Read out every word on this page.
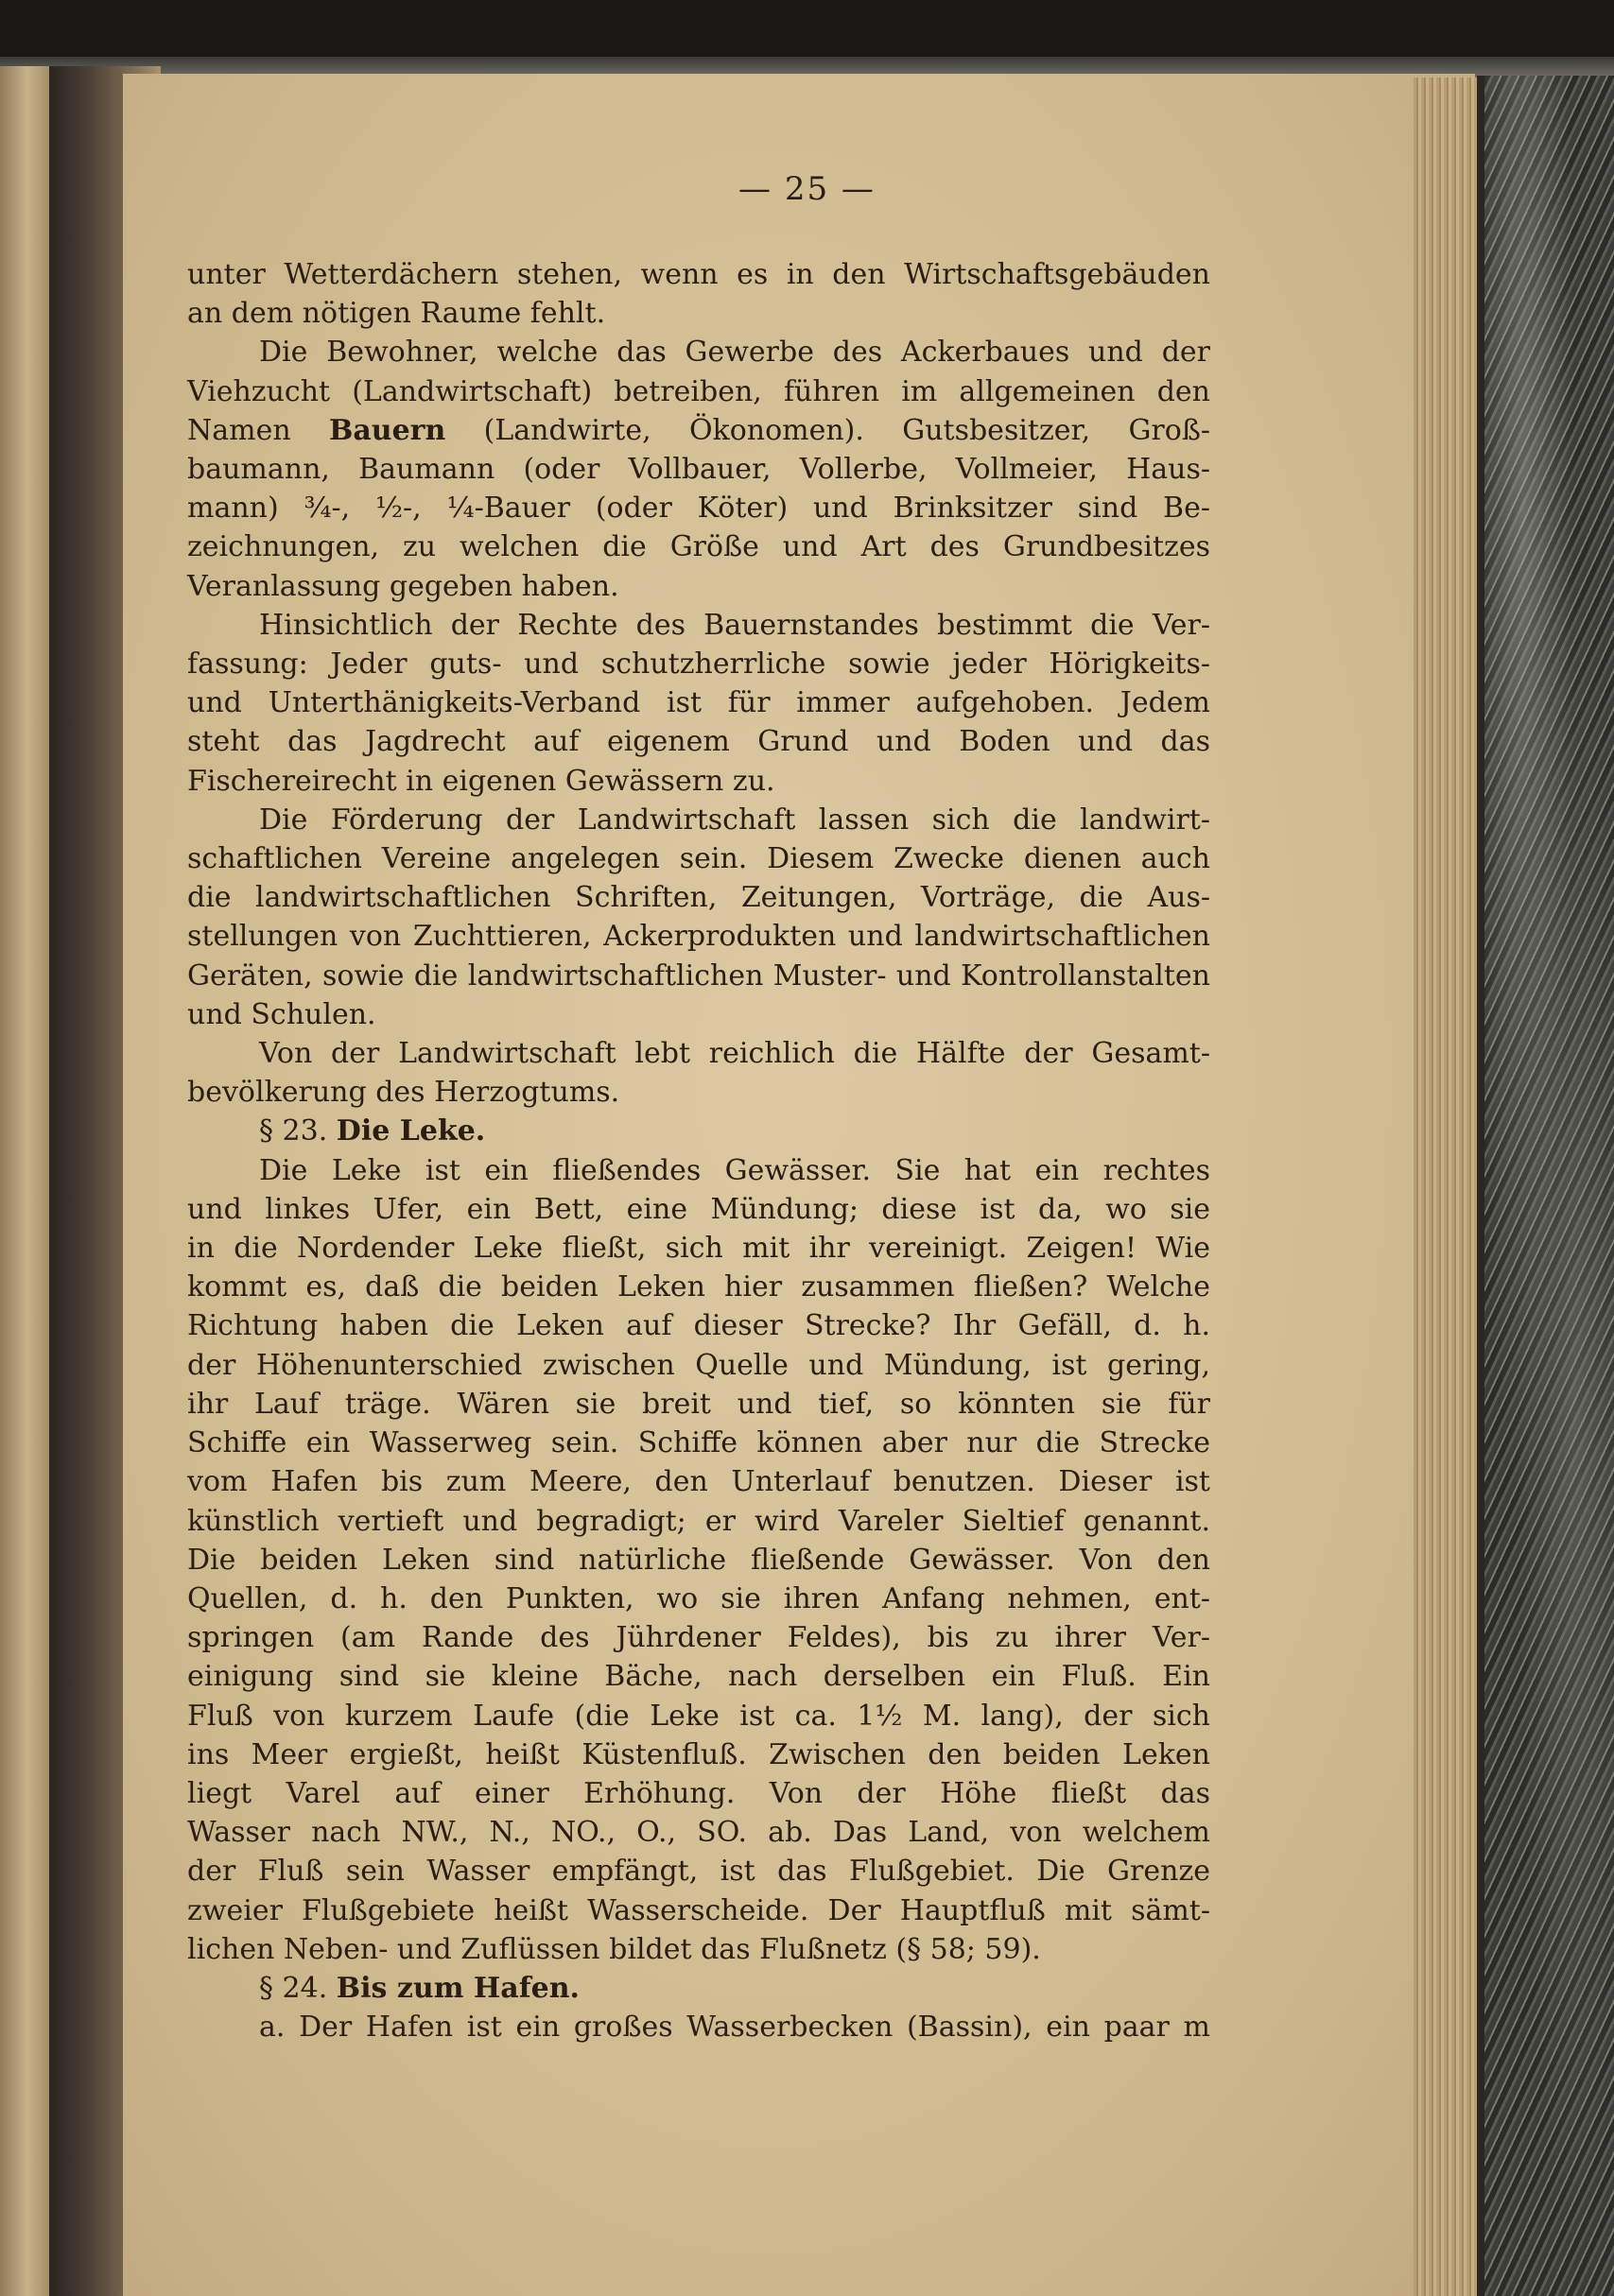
— 25 —
unter Wetterdächern stehen, wenn es in den Wirtschaftsgebäuden
an dem nötigen Raume fehlt.
Die Bewohner, welche das Gewerbe des Ackerbaues und der
Viehzucht (Landwirtschaft) betreiben, führen im allgemeinen den
Namen Bauern (Landwirte, Ökonomen). Gutsbesitzer, Groß-
baumann, Baumann (oder Vollbauer, Vollerbe, Vollmeier, Haus-
mann) ¾-, ½-, ¼-Bauer (oder Köter) und Brinksitzer sind Be-
zeichnungen, zu welchen die Größe und Art des Grundbesitzes
Veranlassung gegeben haben.
Hinsichtlich der Rechte des Bauernstandes bestimmt die Ver-
fassung: Jeder guts- und schutzherrliche sowie jeder Hörigkeits-
und Unterthänigkeits-Verband ist für immer aufgehoben. Jedem
steht das Jagdrecht auf eigenem Grund und Boden und das
Fischereirecht in eigenen Gewässern zu.
Die Förderung der Landwirtschaft lassen sich die landwirt-
schaftlichen Vereine angelegen sein. Diesem Zwecke dienen auch
die landwirtschaftlichen Schriften, Zeitungen, Vorträge, die Aus-
stellungen von Zuchttieren, Ackerprodukten und landwirtschaftlichen
Geräten, sowie die landwirtschaftlichen Muster- und Kontrollanstalten
und Schulen.
Von der Landwirtschaft lebt reichlich die Hälfte der Gesamt-
bevölkerung des Herzogtums.
§ 23. Die Leke.
Die Leke ist ein fließendes Gewässer. Sie hat ein rechtes
und linkes Ufer, ein Bett, eine Mündung; diese ist da, wo sie
in die Nordender Leke fließt, sich mit ihr vereinigt. Zeigen! Wie
kommt es, daß die beiden Leken hier zusammen fließen? Welche
Richtung haben die Leken auf dieser Strecke? Ihr Gefäll, d. h.
der Höhenunterschied zwischen Quelle und Mündung, ist gering,
ihr Lauf träge. Wären sie breit und tief, so könnten sie für
Schiffe ein Wasserweg sein. Schiffe können aber nur die Strecke
vom Hafen bis zum Meere, den Unterlauf benutzen. Dieser ist
künstlich vertieft und begradigt; er wird Vareler Sieltief genannt.
Die beiden Leken sind natürliche fließende Gewässer. Von den
Quellen, d. h. den Punkten, wo sie ihren Anfang nehmen, ent-
springen (am Rande des Jührdener Feldes), bis zu ihrer Ver-
einigung sind sie kleine Bäche, nach derselben ein Fluß. Ein
Fluß von kurzem Laufe (die Leke ist ca. 1½ M. lang), der sich
ins Meer ergießt, heißt Küstenfluß. Zwischen den beiden Leken
liegt Varel auf einer Erhöhung. Von der Höhe fließt das
Wasser nach NW., N., NO., O., SO. ab. Das Land, von welchem
der Fluß sein Wasser empfängt, ist das Flußgebiet. Die Grenze
zweier Flußgebiete heißt Wasserscheide. Der Hauptfluß mit sämt-
lichen Neben- und Zuflüssen bildet das Flußnetz (§ 58; 59).
§ 24. Bis zum Hafen.
a. Der Hafen ist ein großes Wasserbecken (Bassin), ein paar m
